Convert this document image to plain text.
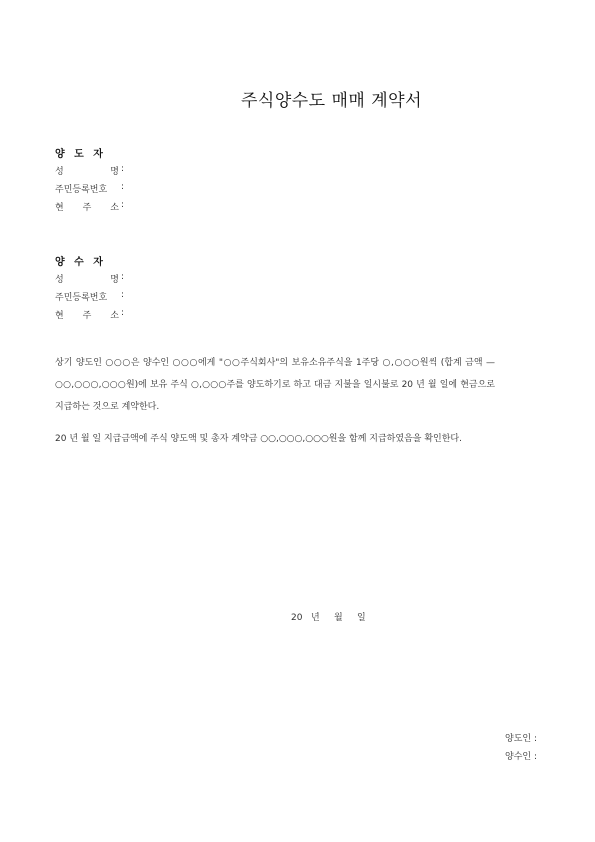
주식양수도 매매 계약서
양 도 자
성 명 :
주민등록번호	:
현 주 소 :
양 수 자
성 명 :
주민등록번호	:
현 주 소 :

상기 양도인 ○○○은 양수인 ○○○에게 "○○주식회사"의 보유소유주식을 1주당 ○,○○○원씩 (합계 금액 — ○○,○○○,○○○원)에 보유 주식 ○,○○○주를 양도하기로 하고 대금 지불을 일시불로 20 년 월 일에 현금으로 지급하는 것으로 계약한다.

20 년 월 일 지급금액에 주식 양도액 및 총자 계약금 ○○,○○○,○○○원을 함께 지급하였음을 확인한다.

20   년     월     일
양도인 :
양수인 :
